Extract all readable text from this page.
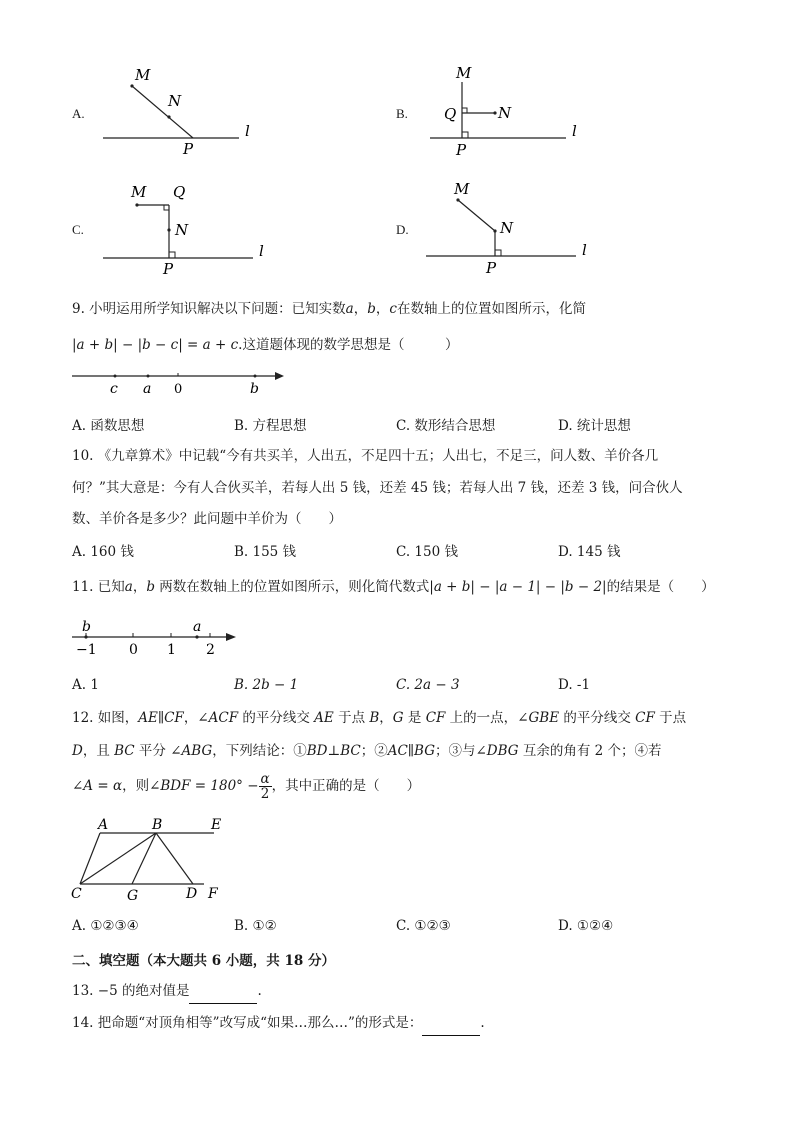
A.
M
N
P
l
B.
M
Q	N
P
l
C.
M Q
N
P
l
D.
M
N
P
l
9. 小明运用所学知识解决以下问题：已知实数a，b，c在数轴上的位置如图所示，化简
|a + b| − |b − c| = a + c.这道题体现的数学思想是（　　　）
c a 0	b
A. 函数思想	B. 方程思想	C. 数形结合思想	D. 统计思想
10. 《九章算术》中记载“今有共买羊，人出五，不足四十五；人出七，不足三，问人数、羊价各几
何？”其大意是：今有人合伙买羊，若每人出 5 钱，还差 45 钱；若每人出 7 钱，还差 3 钱，问合伙人
数、羊价各是多少？此问题中羊价为（　　）
A. 160 钱	B. 155 钱	C. 150 钱	D. 145 钱
11. 已知a，b 两数在数轴上的位置如图所示，则化简代数式|a + b| − |a − 1| − |b − 2|的结果是（　　）
b	a
−1 0 1 2
A. 1	B. 2b − 1	C. 2a − 3	D. -1
12. 如图，AE∥CF，∠ACF 的平分线交 AE 于点 B，G 是 CF 上的一点，∠GBE 的平分线交 CF 于点
D，且 BC 平分 ∠ABG，下列结论：①BD⊥BC；②AC∥BG；③与∠DBG 互余的角有 2 个；④若
∠A = α，则∠BDF = $180^\circ - \frac{\alpha}{2}$ ，其中正确的是（　　）
A	B	E
C	G	D F
A. ①②③④	B. ①②	C. ①②③	D. ①②④
二、填空题（本大题共 6 小题，共 18 分）
13. −5 的绝对值是	.
14. 把命题“对顶角相等”改写成“如果…那么…”的形式是：	.
